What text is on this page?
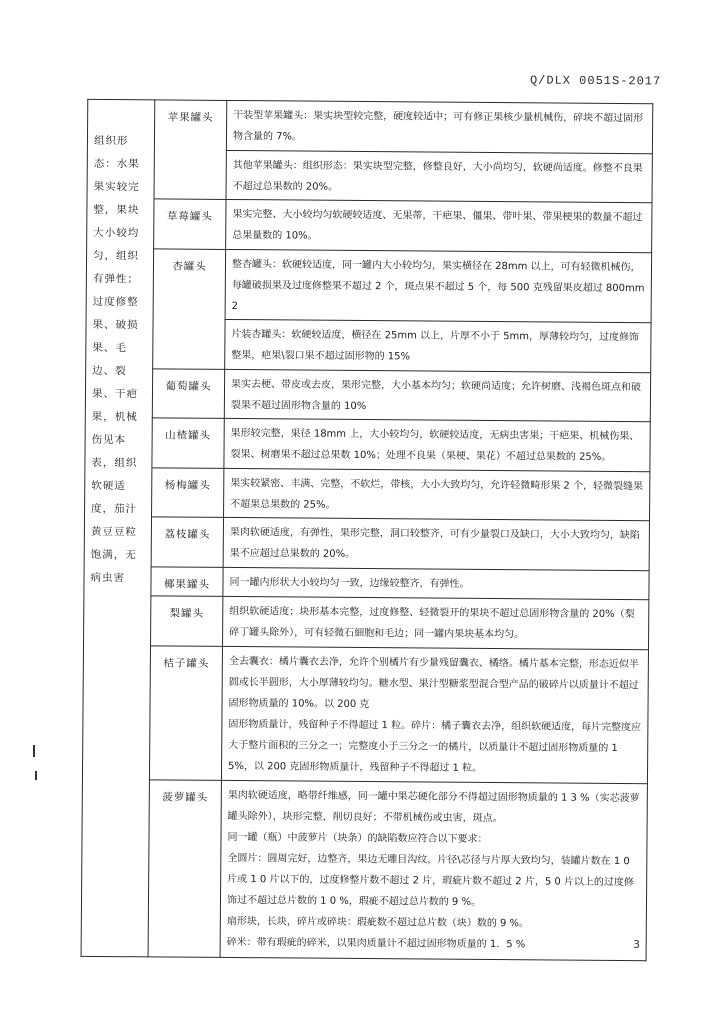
Q/DLX 0051S-2017
组织形态：水果果实较完整，果块大小较均匀，组织有弹性；过度修整果、破损果、毛边、裂果、干疤果，机械伤见本表，组织软硬适度，茄汁黄豆豆粒饱满，无病虫害	苹果罐头	干装型苹果罐头：果实块型较完整，硬度较适中；可有修正果核少量机械伤，碎块不超过固形物含量的 7%。

		其他苹果罐头：组织形态：果实块型完整，修整良好，大小尚均匀，软硬尚适度。修整不良果不超过总果数的 20%。

	草莓罐头	果实完整、大小较均匀软硬较适度、无果蒂，干疤果、僵果、带叶果、带果梗果的数量不超过总果量数的 10%。

	杏罐头	整杏罐头：软硬较适度，同一罐内大小较均匀，果实横径在 28mm 以上，可有轻微机械伤，每罐破损果及过度修整果不超过 2 个，斑点果不超过 5 个，每 500 克残留果皮超过 800mm2

		片装杏罐头：软硬较适度，横径在 25mm 以上，片厚不小于 5mm，厚薄较均匀，过度修饰整果，疤果\裂口果不超过固形物的 15%

	葡萄罐头	果实去梗、带皮或去皮，果形完整，大小基本均匀；软硬尚适度；允许树磨、浅褐色斑点和破裂果不超过固形物含量的 10%

	山楂罐头	果形较完整，果径 18mm 上，大小较均匀，软硬较适度，无病虫害果；干疤果、机械伤果、裂果、树磨果不超过总果数 10%；处理不良果（果梗、果花）不超过总果数的 25%。

	杨梅罐头	果实较紧密、丰满、完整，不软烂，带核，大小大致均匀，允许轻微畸形果 2 个，轻微裂缝果不超果总果数的 25%。

	荔枝罐头	果肉软硬适度，有弹性，果形完整，洞口较整齐，可有少量裂口及缺口，大小大致均匀，缺陷果不应超过总果数的 20%。

	椰果罐头	同一罐内形状大小较均匀一致，边缘较整齐，有弹性。

	梨罐头	组织软硬适度；块形基本完整，过度修整、轻微裂开的果块不超过总固形物含量的 20%（梨碎丁罐头除外），可有轻微石細胞和毛边；同一罐内果块基本均匀。

	桔子罐头	全去囊衣：橘片囊衣去净，允许个别橘片有少量残留囊衣、橘络。橘片基本完整，形态近似半圆或长半圆形，大小厚薄较均匀。糖水型、果汁型糖浆型混合型产品的破碎片以质量计不超过固形物质量的 10%。以 200 克

固形物质量计，残留种子不得超过 1 粒。碎片：橘子囊衣去净，组织软硬适度，每片完整度应大于整片面积的三分之一；完整度小于三分之一的橘片，以质量计不超过固形物质量的 15%，以 200 克固形物质量计，残留种子不得超过 1 粒。

	菠萝罐头	果肉软硬适度，略带纤维感，同一罐中果芯硬化部分不得超过固形物质量的 1 3 %（实芯菠萝罐头除外），块形完整，削切良好；不带机械伤或虫害，斑点。

同一罐（瓶）中菠萝片（块条）的缺陷数应符合以下要求：

全圆片：圆周完好，边整齐，果边无雕目沟纹，片径\芯径与片厚大致均匀，装罐片数在 1 0 片或 1 0 片以下的，过度修整片数不超过 2 片，瑕疵片数不超过 2 片，5 0 片以上的过度修饰过不超过总片数的 1 0 %，瑕疵不超过总片数的 9 %。

扇形块，长块，碎片或碎块：瑕疵数不超过总片数（块）数的 9 %。

碎米：带有瑕疵的碎米，以果肉质量计不超过固形物质量的 1．5 %	3
